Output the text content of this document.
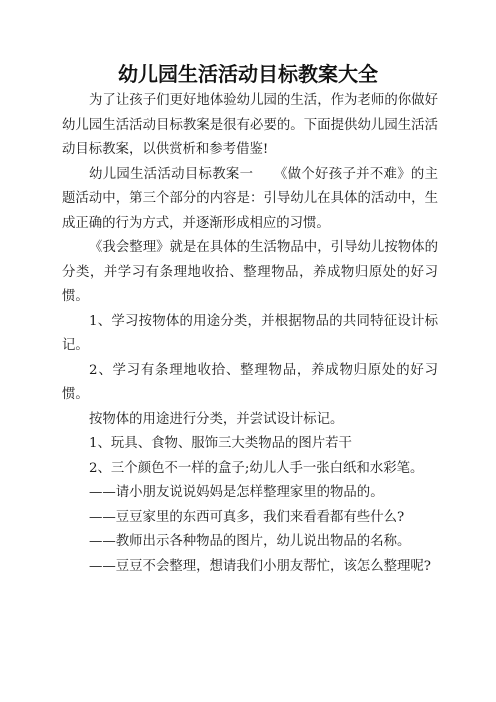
幼儿园生活活动目标教案大全

为了让孩子们更好地体验幼儿园的生活，作为老师的你做好幼儿园生活活动目标教案是很有必要的。下面提供幼儿园生活活动目标教案，以供赏析和参考借鉴!

幼儿园生活活动目标教案一　　《做个好孩子并不难》的主题活动中，第三个部分的内容是：引导幼儿在具体的活动中，生成正确的行为方式，并逐渐形成相应的习惯。

《我会整理》就是在具体的生活物品中，引导幼儿按物体的分类，并学习有条理地收拾、整理物品，养成物归原处的好习惯。

1、学习按物体的用途分类，并根据物品的共同特征设计标记。

2、学习有条理地收拾、整理物品，养成物归原处的好习惯。

按物体的用途进行分类，并尝试设计标记。

1、玩具、食物、服饰三大类物品的图片若干

2、三个颜色不一样的盒子;幼儿人手一张白纸和水彩笔。

——请小朋友说说妈妈是怎样整理家里的物品的。

——豆豆家里的东西可真多，我们来看看都有些什么?

——教师出示各种物品的图片，幼儿说出物品的名称。

——豆豆不会整理，想请我们小朋友帮忙，该怎么整理呢?
